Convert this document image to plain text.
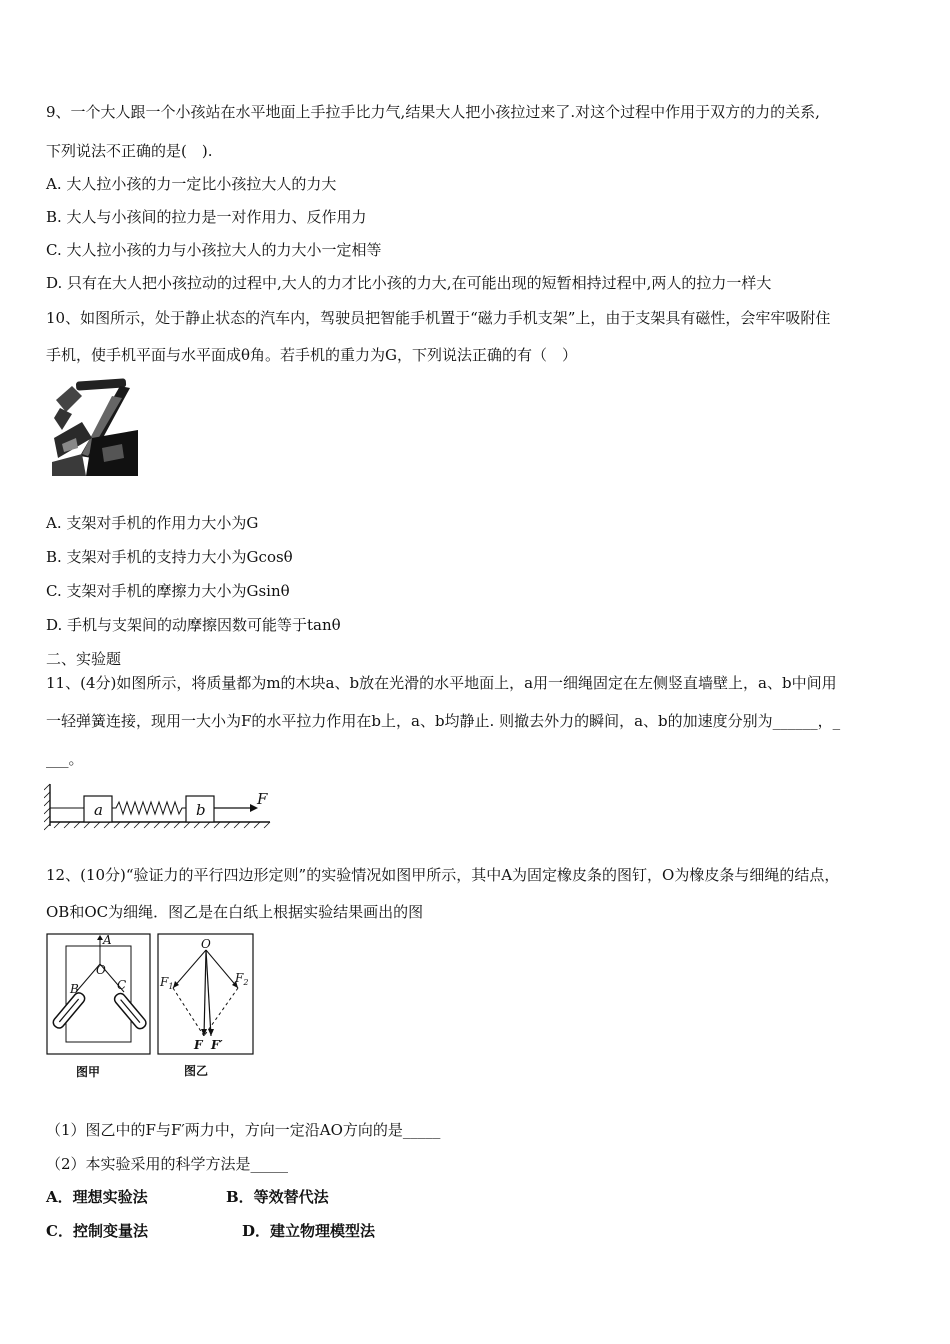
9、一个大人跟一个小孩站在水平地面上手拉手比力气,结果大人把小孩拉过来了.对这个过程中作用于双方的力的关系,
下列说法不正确的是(　).
A. 大人拉小孩的力一定比小孩拉大人的力大
B. 大人与小孩间的拉力是一对作用力、反作用力
C. 大人拉小孩的力与小孩拉大人的力大小一定相等
D. 只有在大人把小孩拉动的过程中,大人的力才比小孩的力大,在可能出现的短暂相持过程中,两人的拉力一样大
10、如图所示，处于静止状态的汽车内，驾驶员把智能手机置于“磁力手机支架”上，由于支架具有磁性，会牢牢吸附住
手机，使手机平面与水平面成θ角。若手机的重力为G，下列说法正确的有（　）
A. 支架对手机的作用力大小为G
B. 支架对手机的支持力大小为Gcosθ
C. 支架对手机的摩擦力大小为Gsinθ
D. 手机与支架间的动摩擦因数可能等于tanθ
二、实验题
11、(4分)如图所示，将质量都为m的木块a、b放在光滑的水平地面上，a用一细绳固定在左侧竖直墙壁上，a、b中间用
一轻弹簧连接，现用一大小为F的水平拉力作用在b上，a、b均静止. 则撤去外力的瞬间，a、b的加速度分别为______，_
___。
a	b
F
12、(10分)“验证力的平行四边形定则”的实验情况如图甲所示，其中A为固定橡皮条的图钉，O为橡皮条与细绳的结点，
OB和OC为细绳．图乙是在白纸上根据实验结果画出的图
A
O
B	C
图甲
O
$F_1$
$F_2$
F F′
图乙
（1）图乙中的F与F′两力中，方向一定沿AO方向的是_____
（2）本实验采用的科学方法是_____
A．理想实验法	B．等效替代法
C．控制变量法	D．建立物理模型法
